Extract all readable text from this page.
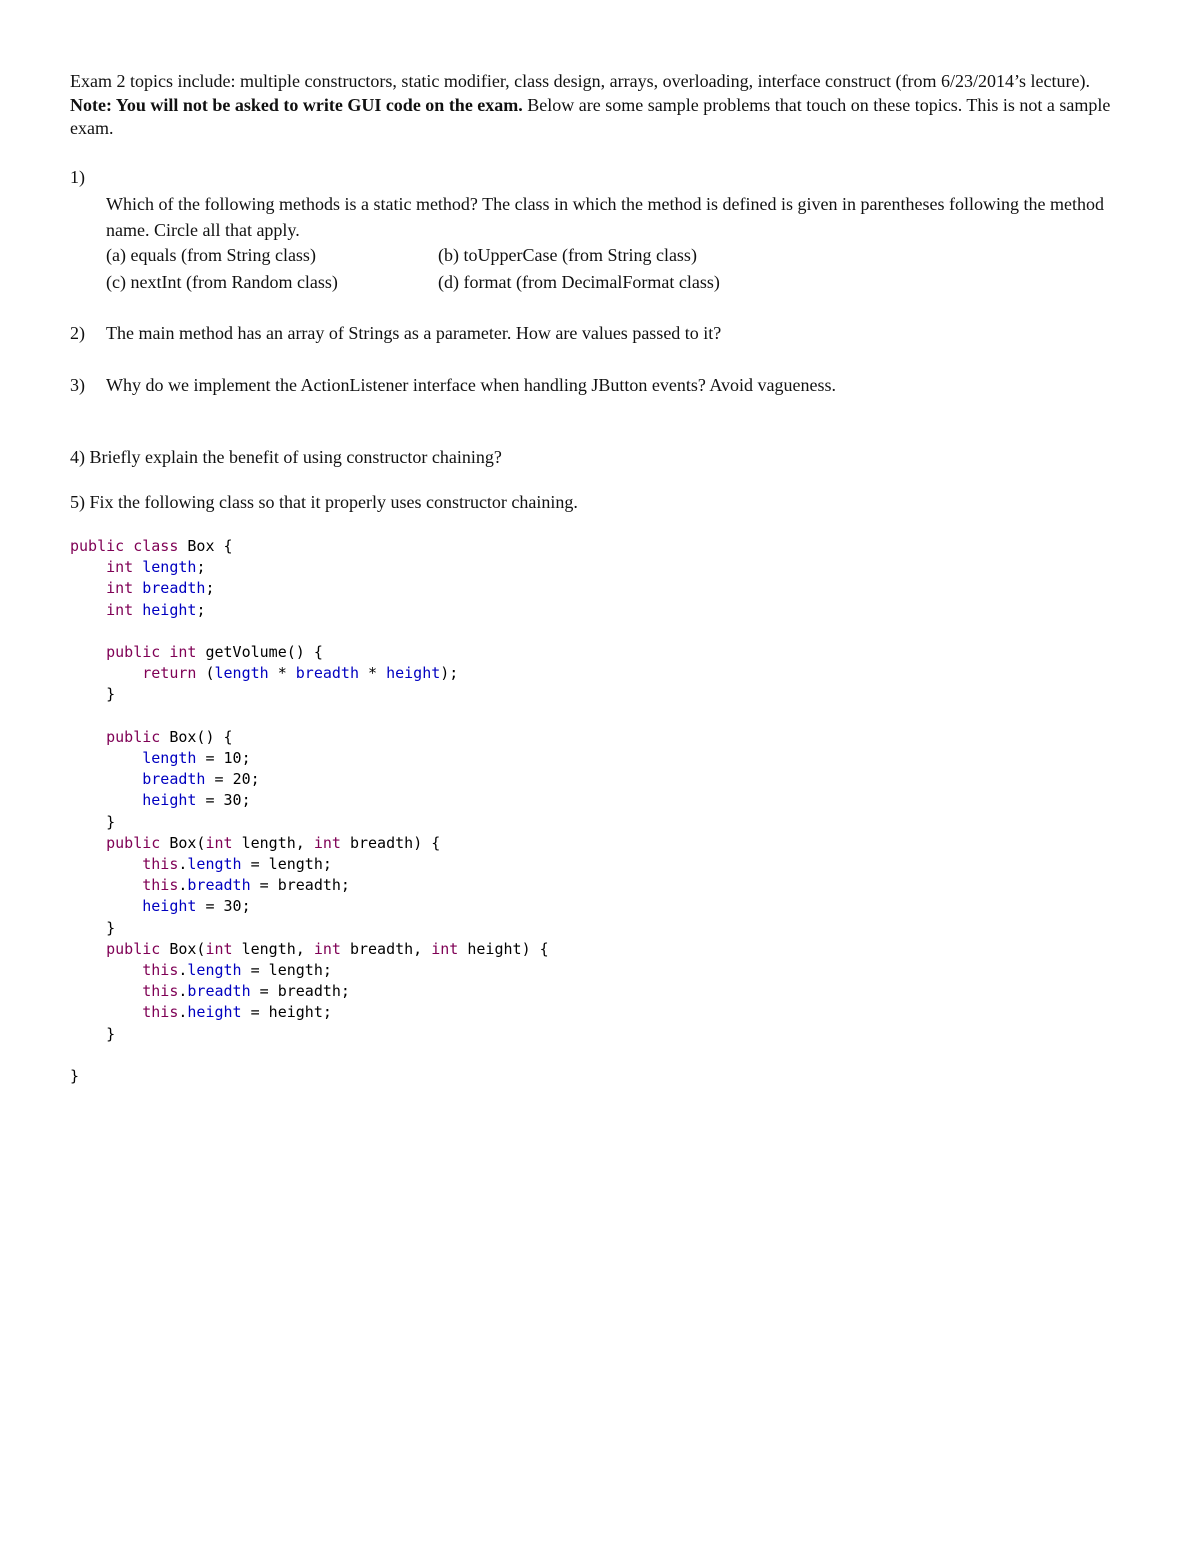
Exam 2 topics include: multiple constructors, static modifier, class design, arrays, overloading, interface construct (from 6/23/2014’s lecture). Note: You will not be asked to write GUI code on the exam. Below are some sample problems that touch on these topics. This is not a sample exam.

1)

Which of the following methods is a static method? The class in which the method is defined is given in parentheses following the method name. Circle all that apply.

(a) equals (from String class)	(b) toUpperCase (from String class)

(c) nextInt (from Random class)	(d) format (from DecimalFormat class)

2) The main method has an array of Strings as a parameter. How are values passed to it?

3) Why do we implement the ActionListener interface when handling JButton events? Avoid vagueness.

4) Briefly explain the benefit of using constructor chaining?

5) Fix the following class so that it properly uses constructor chaining.

public class Box {
int length;
int breadth;
int height;

public int getVolume() {
return (length * breadth * height);
}

public Box() {
length = 10;
breadth = 20;
height = 30;
}
public Box(int length, int breadth) {
this.length = length;
this.breadth = breadth;
height = 30;
}
public Box(int length, int breadth, int height) {
this.length = length;
this.breadth = breadth;
this.height = height;
}

}
